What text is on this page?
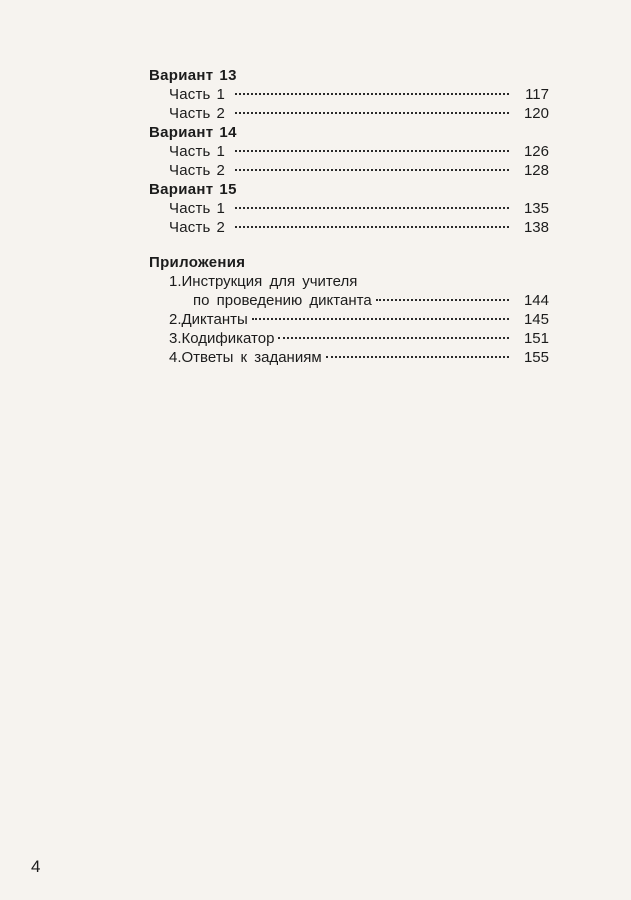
Вариант 13
Часть 1	117
Часть 2	120
Вариант 14
Часть 1	126
Часть 2	128
Вариант 15
Часть 1	135
Часть 2	138
Приложения
1. Инструкция для учителя
по проведению диктанта	144
2. Диктанты	145
3. Кодификатор	151
4. Ответы к заданиям	155
4
